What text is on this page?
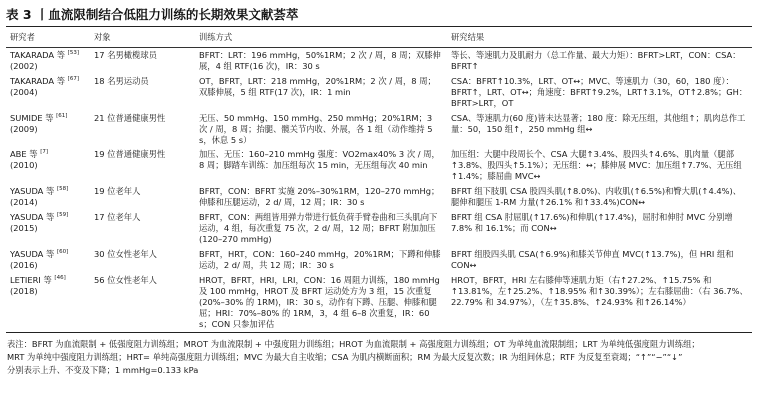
表 3 丨血流限制结合低阻力训练的长期效果文献荟萃
研究者	对象	训练方式	研究结果
TAKARADA 等 [53]
(2002)	17 名男橄榄球员	BFRT：LRT：196 mmHg，50%1RM；2 次 / 周，8 周；双膝伸展，4 组 RTF(16 次)，IR：30 s	等长、等速肌力及肌耐力（总工作量、最大力矩）：BFRT>LRT，CON：CSA：BFRT↑
TAKARADA 等 [67]
(2004)	18 名男运动员	OT，BFRT，LRT：218 mmHg，20%1RM；2 次 / 周，8 周；双膝伸展，5 组 RTF(17 次)，IR：1 min	CSA：BFRT↑10.3%，LRT、OT↔；MVC、等速肌力（30，60，180 度）：BFRT↑，LRT、OT↔；角速度：BFRT↑9.2%，LRT↑3.1%，OT↑2.8%；GH：BFRT>LRT，OT
SUMIDE 等 [61]
(2009)	21 位普通健康男性	无压、50 mmHg、150 mmHg、250 mmHg；20%1RM；3 次 / 周，8 周；抬腿、髋关节内收、外展，各 1 组（动作维持 5 s，休息 5 s）	CSA、等速肌力(60 度)皆未达显著；180 度：除无压组，其他组↑；肌肉总作工量：50，150 组↑，250 mmHg 组↔
ABE 等 [7]
(2010)	19 位普通健康男性	加压、无压：160–210 mmHg 强度：VO2max40% 3 次 / 周，8 周；脚踏车训练：加压组每次 15 min，无压组每次 40 min	加压组：大腿中段周长个、CSA 大腿↑3.4%、股四头↑4.6%、肌肉量（腿部↑3.8%、股四头↑5.1%）；无压组：↔；膝伸展 MVC：加压组↑7.7%、无压组↑1.4%；膝屈曲 MVC↔
YASUDA 等 [58]
(2014)	19 位老年人	BFRT，CON：BFRT 实施 20%–30%1RM，120–270 mmHg；伸膝和压腿运动，2 d/ 周，12 周；IR：30 s	BFRT 组下肢肌 CSA 股四头肌(↑8.0%)、内收肌(↑6.5%)和臀大肌(↑4.4%)、腿伸和腿压 1-RM 力量(↑26.1% 和↑33.4%)CON↔
YASUDA 等 [59]
(2015)	17 位老年人	BFRT，CON：两组皆用弹力带进行低负荷手臂卷曲和三头肌向下运动，4 组，每次重复 75 次，2 d/ 周，12 周；BFRT 附加加压(120–270 mmHg)	BFRT 组 CSA 肘屈肌(↑17.6%)和伸肌(↑17.4%)，屈肘和伸肘 MVC 分别增 7.8% 和 16.1%；而 CON↔
YASUDA 等 [60]
(2016)	30 位女性老年人	BFRT，HRT，CON：160–240 mmHg，20%1RM；下蹲和伸膝运动，2 d/ 周，共 12 周；IR：30 s	BFRT 组股四头肌 CSA(↑6.9%)和膝关节伸直 MVC(↑13.7%)，但 HRI 组和 CON↔
LETIERI 等 [46]
(2018)	56 位女性老年人	HROT，BFRT，HRI，LRI，CON：16 周阻力训练，180 mmHg 及 100 mmHg，HROT 及 BFRT 运动处方为 3 组，15 次重复(20%–30% 的 1RM)，IR：30 s，动作有下蹲、压腿、伸膝和腿屈；HRI：70%–80% 的 1RM，3，4 组 6–8 次重复，IR：60 s；CON 只参加评估	HROT，BFRT，HRI 左右膝伸等速肌力矩（右↑27.2%、↑15.75% 和↑13.81%，左↑25.2%、↑18.95% 和↑30.39%）；左右膝屈曲：（右 36.7%、22.79% 和 34.97%），（左↑35.8%、↑24.93% 和↑26.14%）
表注：BFRT 为血流限制 + 低强度阻力训练组；MROT 为血流限制 + 中强度阻力训练组；HROT 为血流限制 + 高强度阻力训练组；OT 为单纯血流限制组；LRT 为单纯低强度阻力训练组；
MRT 为单纯中强度阻力训练组；HRT= 单纯高强度阻力训练组；MVC 为最大自主收缩；CSA 为肌内横断面积；RM 为最大反复次数；IR 为组间休息；RTF 为反复至衰竭；“↑”“−”“↓”
分别表示上升、不变及下降；1 mmHg=0.133 kPa
